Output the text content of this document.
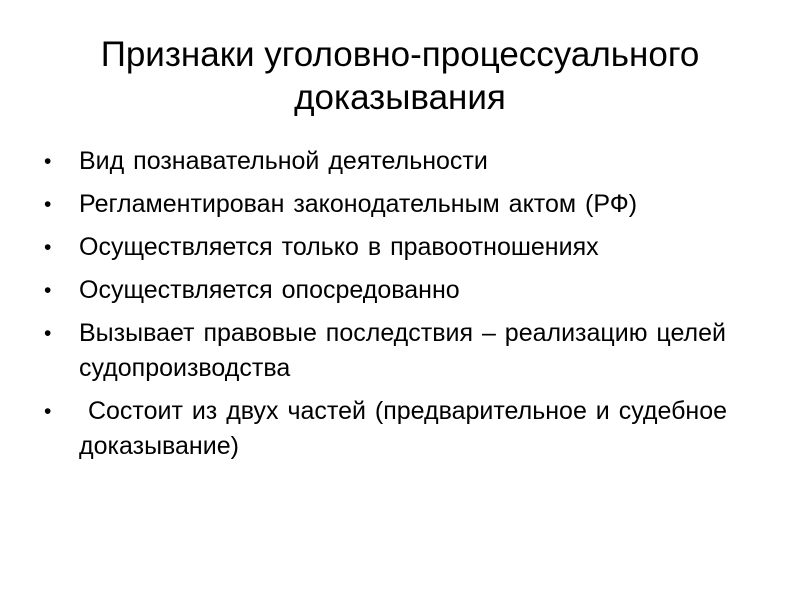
Признаки уголовно-процессуального доказывания
• Вид познавательной деятельности
• Регламентирован законодательным актом (РФ)
• Осуществляется только в правоотношениях
• Осуществляется опосредованно
• Вызывает правовые последствия – реализацию целей судопроизводства
• Состоит из двух частей (предварительное и судебное доказывание)
